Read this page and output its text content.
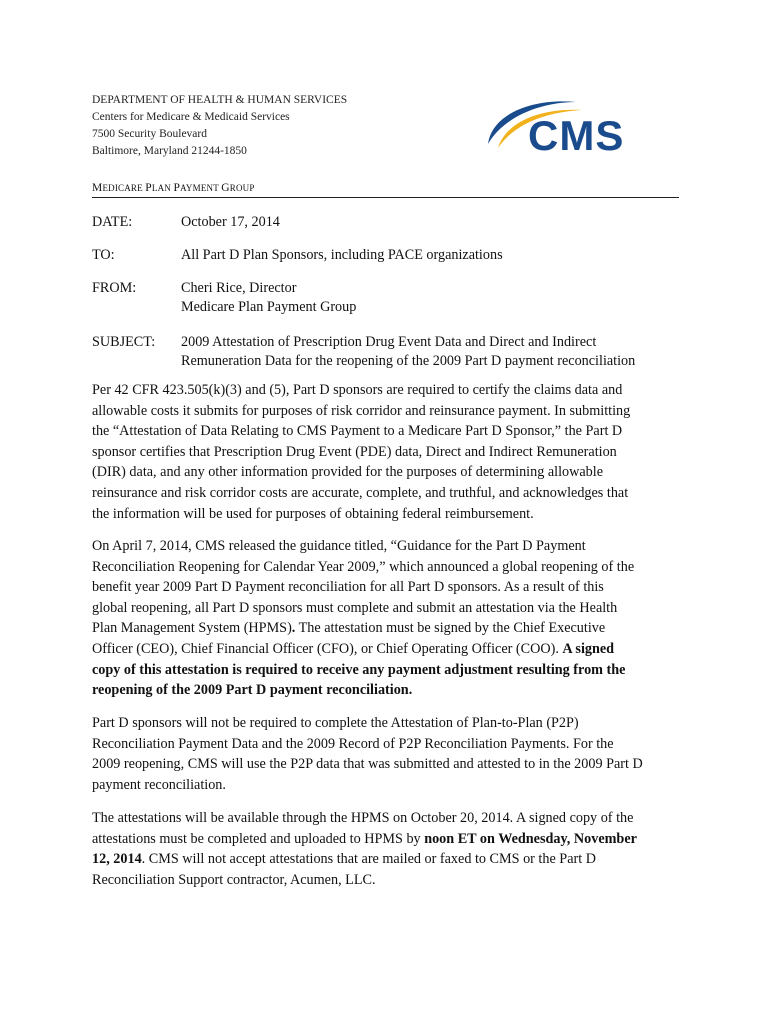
DEPARTMENT OF HEALTH & HUMAN SERVICES
Centers for Medicare & Medicaid Services
7500 Security Boulevard
Baltimore, Maryland 21244-1850	CMS
MEDICARE PLAN PAYMENT GROUP
DATE:	October 17, 2014
TO:	All Part D Plan Sponsors, including PACE organizations
FROM:	Cheri Rice, Director
Medicare Plan Payment Group
SUBJECT: 2009 Attestation of Prescription Drug Event Data and Direct and Indirect
Remuneration Data for the reopening of the 2009 Part D payment reconciliation
Per 42 CFR 423.505(k)(3) and (5), Part D sponsors are required to certify the claims data and
allowable costs it submits for purposes of risk corridor and reinsurance payment. In submitting
the “Attestation of Data Relating to CMS Payment to a Medicare Part D Sponsor,” the Part D
sponsor certifies that Prescription Drug Event (PDE) data, Direct and Indirect Remuneration
(DIR) data, and any other information provided for the purposes of determining allowable
reinsurance and risk corridor costs are accurate, complete, and truthful, and acknowledges that
the information will be used for purposes of obtaining federal reimbursement.
On April 7, 2014, CMS released the guidance titled, “Guidance for the Part D Payment
Reconciliation Reopening for Calendar Year 2009,” which announced a global reopening of the
benefit year 2009 Part D Payment reconciliation for all Part D sponsors. As a result of this
global reopening, all Part D sponsors must complete and submit an attestation via the Health
Plan Management System (HPMS). The attestation must be signed by the Chief Executive
Officer (CEO), Chief Financial Officer (CFO), or Chief Operating Officer (COO). A signed
copy of this attestation is required to receive any payment adjustment resulting from the
reopening of the 2009 Part D payment reconciliation.
Part D sponsors will not be required to complete the Attestation of Plan-to-Plan (P2P)
Reconciliation Payment Data and the 2009 Record of P2P Reconciliation Payments. For the
2009 reopening, CMS will use the P2P data that was submitted and attested to in the 2009 Part D
payment reconciliation.
The attestations will be available through the HPMS on October 20, 2014. A signed copy of the
attestations must be completed and uploaded to HPMS by noon ET on Wednesday, November
12, 2014. CMS will not accept attestations that are mailed or faxed to CMS or the Part D
Reconciliation Support contractor, Acumen, LLC.
